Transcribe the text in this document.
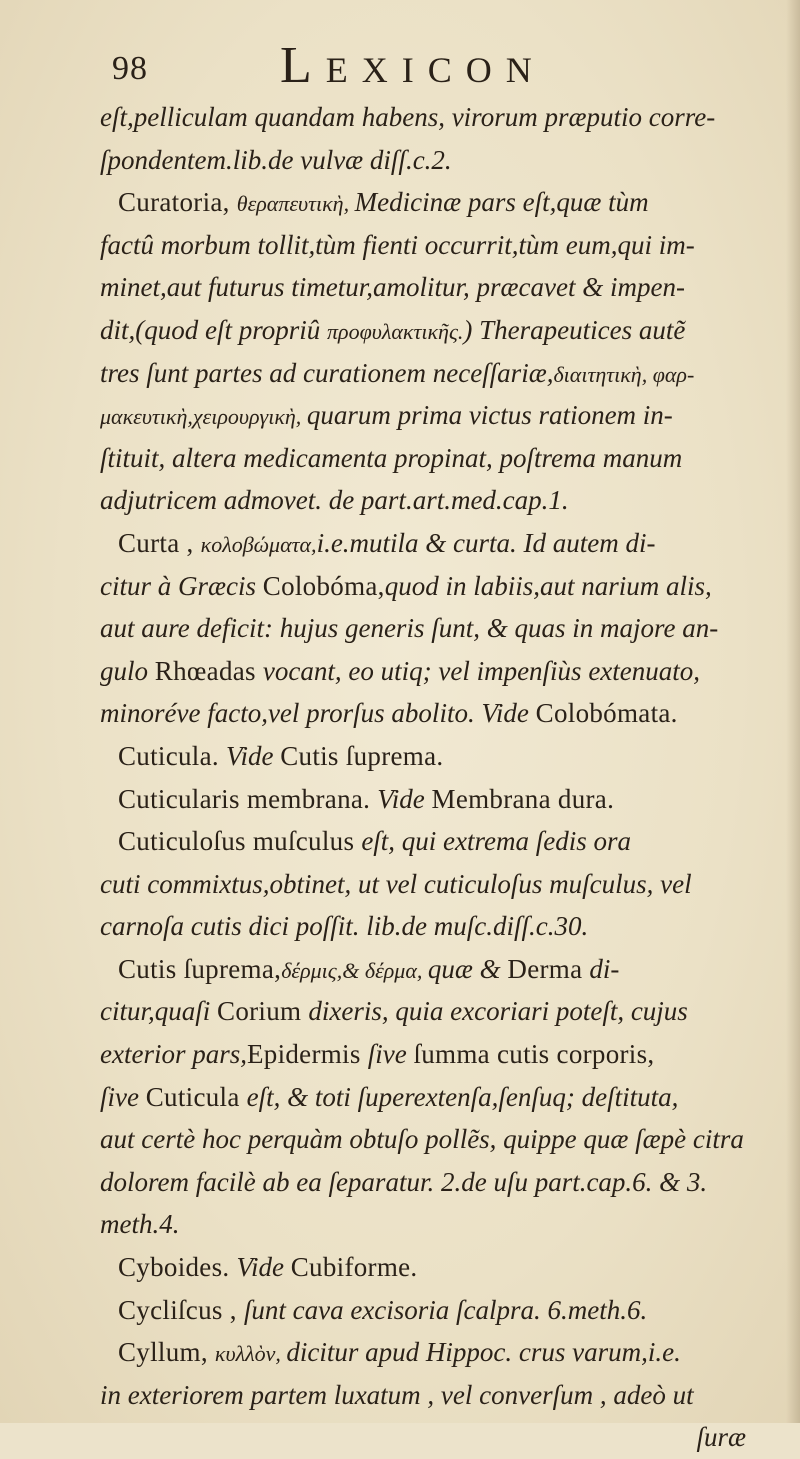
98	Lexicon
eſt,pelliculam quandam habens, virorum præputio corre-
ſpondentem.lib.de vulvæ diſſ.c.2.
Curatoria, θεραπευτικὴ, Medicinæ pars eſt,quæ tùm
factû morbum tollit,tùm fienti occurrit,tùm eum,qui im-
minet,aut futurus timetur,amolitur, præcavet & impen-
dit,(quod eſt propriû προφυλακτικῆς.) Therapeutices autẽ
tres ſunt partes ad curationem neceſſariæ,διαιτητικὴ, φαρ-
μακευτικὴ,χειρουργικὴ, quarum prima victus rationem in-
ſtituit, altera medicamenta propinat, poſtrema manum
adjutricem admovet. de part.art.med.cap.1.
Curta , κολοβώματα,i.e.mutila & curta. Id autem di-
citur à Græcis Colobóma,quod in labiis,aut narium alis,
aut aure deficit: hujus generis ſunt, & quas in majore an-
gulo Rhœadas vocant, eo utiq; vel impenſiùs extenuato,
minoréve facto,vel prorſus abolito. Vide Colobómata.
Cuticula. Vide Cutis ſuprema.
Cuticularis membrana. Vide Membrana dura.
Cuticuloſus muſculus eſt, qui extrema ſedis ora
cuti commixtus,obtinet, ut vel cuticuloſus muſculus, vel
carnoſa cutis dici poſſit. lib.de muſc.diſſ.c.30.
Cutis ſuprema,δέρμις,& δέρμα, quæ & Derma di-
citur,quaſi Corium dixeris, quia excoriari poteſt, cujus
exterior pars,Epidermis ſive ſumma cutis corporis,
ſive Cuticula eſt, & toti ſuperextenſa,ſenſuq; deſtituta,
aut certè hoc perquàm obtuſo pollẽs, quippe quæ ſæpè citra
dolorem facilè ab ea ſeparatur. 2.de uſu part.cap.6. & 3.
meth.4.
Cyboides. Vide Cubiforme.
Cycliſcus , ſunt cava excisoria ſcalpra. 6.meth.6.
Cyllum, κυλλὸν, dicitur apud Hippoc. crus varum,i.e.
in exteriorem partem luxatum , vel converſum , adeò ut
ſuræ
